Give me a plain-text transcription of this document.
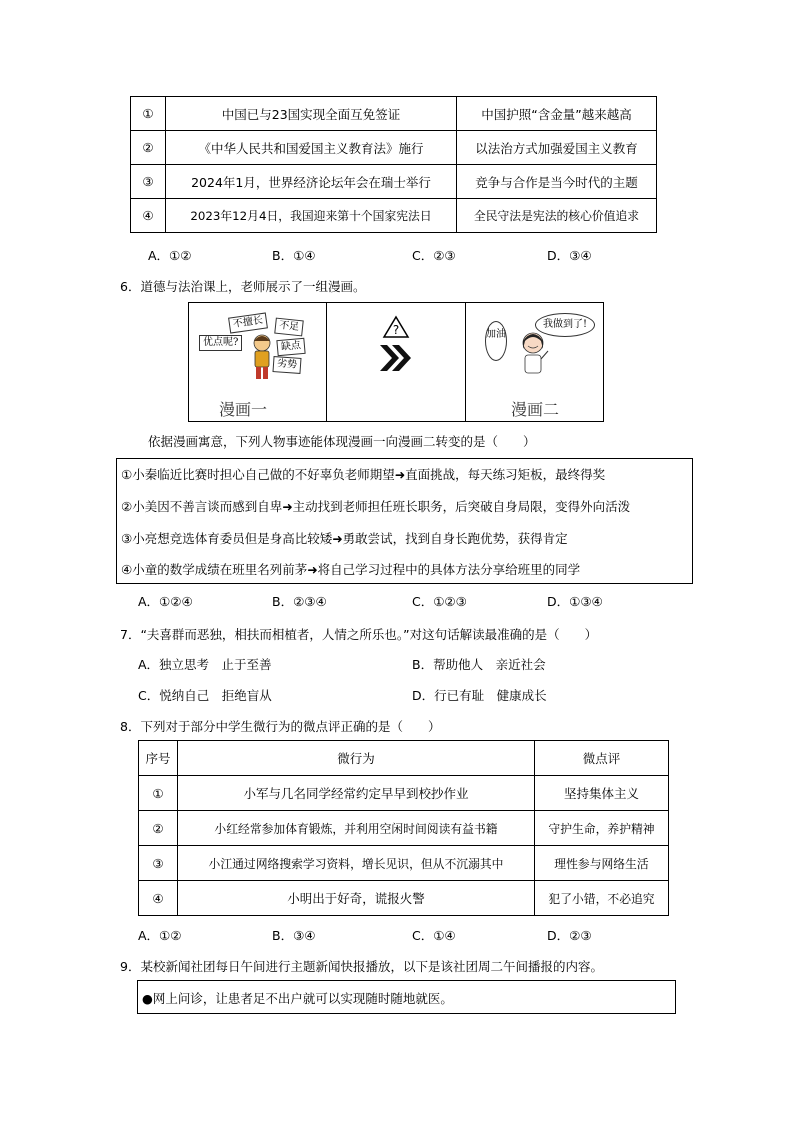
①	中国已与23国实现全面互免签证	中国护照“含金量”越来越高
②	《中华人民共和国爱国主义教育法》施行	以法治方式加强爱国主义教育
③	2024年1月，世界经济论坛年会在瑞士举行	竞争与合作是当今时代的主题
④	2023年12月4日，我国迎来第十个国家宪法日	全民守法是宪法的核心价值追求
A．①②	B．①④	C．②③	D．③④
6．道德与法治课上，老师展示了一组漫画。
不擅长	不足
优点呢?	缺点
劣势
漫画一
?	我做到了!
加油
漫画二
依据漫画寓意，下列人物事迹能体现漫画一向漫画二转变的是（　　）
①小秦临近比赛时担心自己做的不好辜负老师期望➜直面挑战，每天练习矩板，最终得奖
②小美因不善言谈而感到自卑➜主动找到老师担任班长职务，后突破自身局限，变得外向活泼
③小亮想竞选体育委员但是身高比较矮➜勇敢尝试，找到自身长跑优势，获得肯定
④小童的数学成绩在班里名列前茅➜将自己学习过程中的具体方法分享给班里的同学
A．①②④	B．②③④	C．①②③	D．①③④
7．“夫喜群而恶独，相扶而相植者，人情之所乐也。”对这句话解读最准确的是（　　）
A．独立思考　止于至善	B．帮助他人　亲近社会
C．悦纳自己　拒绝盲从	D．行已有耻　健康成长
8．下列对于部分中学生微行为的微点评正确的是（　　）
序号	微行为	微点评
①	小军与几名同学经常约定早早到校抄作业	坚持集体主义
②	小红经常参加体育锻炼，并利用空闲时间阅读有益书籍	守护生命，养护精神
③	小江通过网络搜索学习资料，增长见识，但从不沉溺其中	理性参与网络生活
④	小明出于好奇，谎报火警	犯了小错，不必追究
A．①②	B．③④	C．①④	D．②③
9．某校新闻社团每日午间进行主题新闻快报播放，以下是该社团周二午间播报的内容。
●网上问诊，让患者足不出户就可以实现随时随地就医。
